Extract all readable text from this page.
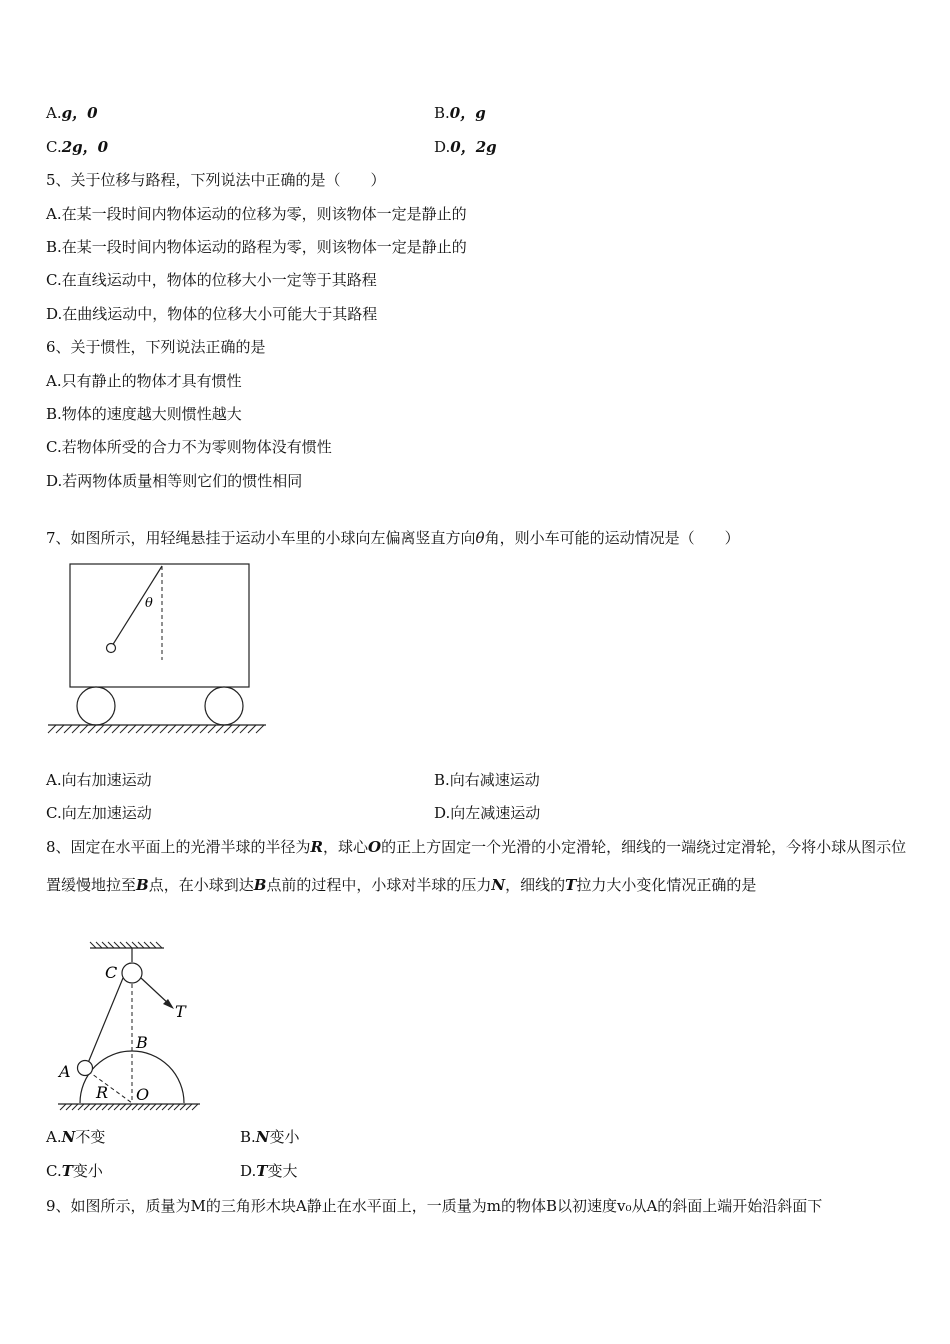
A.g，0	B.0，g
C.2g，0	D.0，2g
5、关于位移与路程，下列说法中正确的是（　　）
A.在某一段时间内物体运动的位移为零，则该物体一定是静止的
B.在某一段时间内物体运动的路程为零，则该物体一定是静止的
C.在直线运动中，物体的位移大小一定等于其路程
D.在曲线运动中，物体的位移大小可能大于其路程
6、关于惯性，下列说法正确的是
A.只有静止的物体才具有惯性
B.物体的速度越大则惯性越大
C.若物体所受的合力不为零则物体没有惯性
D.若两物体质量相等则它们的惯性相同
7、如图所示，用轻绳悬挂于运动小车里的小球向左偏离竖直方向θ角，则小车可能的运动情况是（　　）
θ
A.向右加速运动	B.向右减速运动
C.向左加速运动	D.向左减速运动
8、固定在水平面上的光滑半球的半径为R，球心O的正上方固定一个光滑的小定滑轮，细线的一端绕过定滑轮，今将小球从图示位置缓慢地拉至B点，在小球到达B点前的过程中，小球对半球的压力N，细线的T拉力大小变化情况正确的是
C
T
B
A
R O
A.N不变	B.N变小
C.T变小	D.T变大
9、如图所示，质量为M的三角形木块A静止在水平面上，一质量为m的物体B以初速度v₀从A的斜面上端开始沿斜面下
